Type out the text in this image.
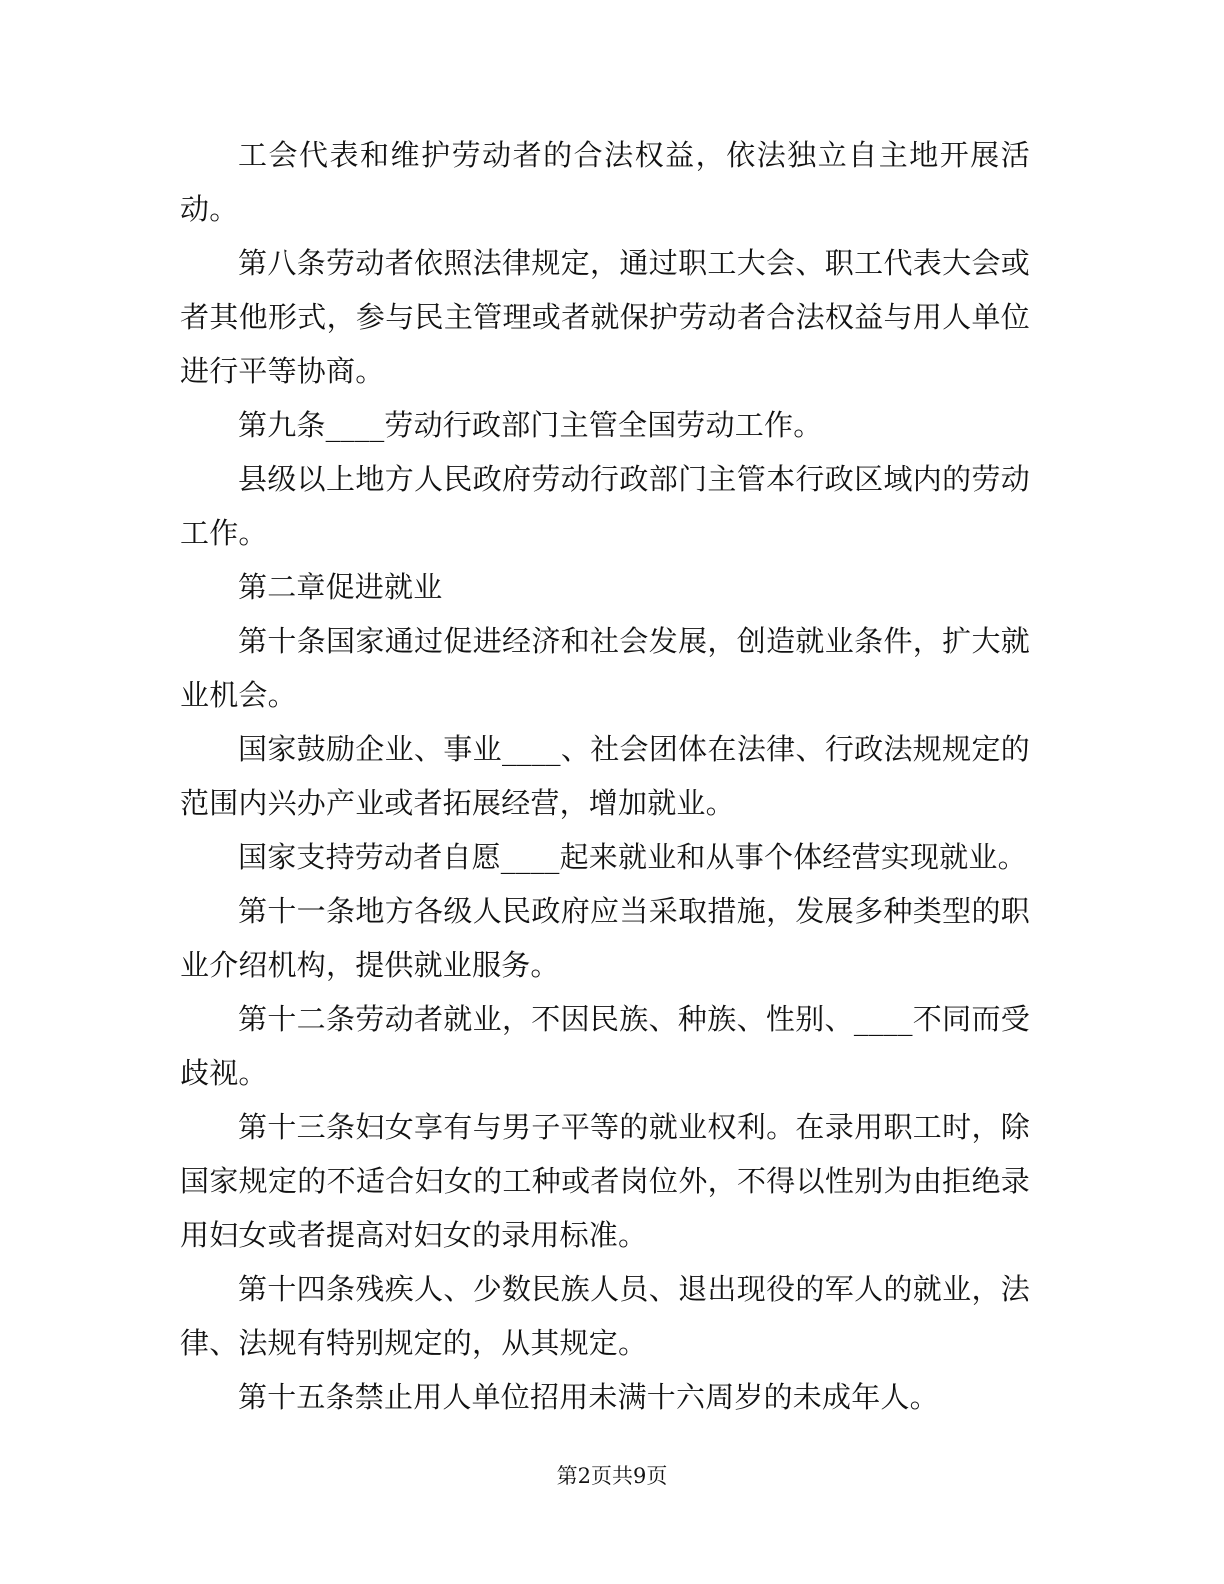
工会代表和维护劳动者的合法权益，依法独立自主地开展活动。

第八条劳动者依照法律规定，通过职工大会、职工代表大会或者其他形式，参与民主管理或者就保护劳动者合法权益与用人单位进行平等协商。

第九条____劳动行政部门主管全国劳动工作。

县级以上地方人民政府劳动行政部门主管本行政区域内的劳动工作。

第二章促进就业

第十条国家通过促进经济和社会发展，创造就业条件，扩大就业机会。

国家鼓励企业、事业____、社会团体在法律、行政法规规定的范围内兴办产业或者拓展经营，增加就业。

国家支持劳动者自愿____起来就业和从事个体经营实现就业。

第十一条地方各级人民政府应当采取措施，发展多种类型的职业介绍机构，提供就业服务。

第十二条劳动者就业，不因民族、种族、性别、____不同而受歧视。

第十三条妇女享有与男子平等的就业权利。在录用职工时，除国家规定的不适合妇女的工种或者岗位外，不得以性别为由拒绝录用妇女或者提高对妇女的录用标准。

第十四条残疾人、少数民族人员、退出现役的军人的就业，法律、法规有特别规定的，从其规定。

第十五条禁止用人单位招用未满十六周岁的未成年人。

第2页共9页
